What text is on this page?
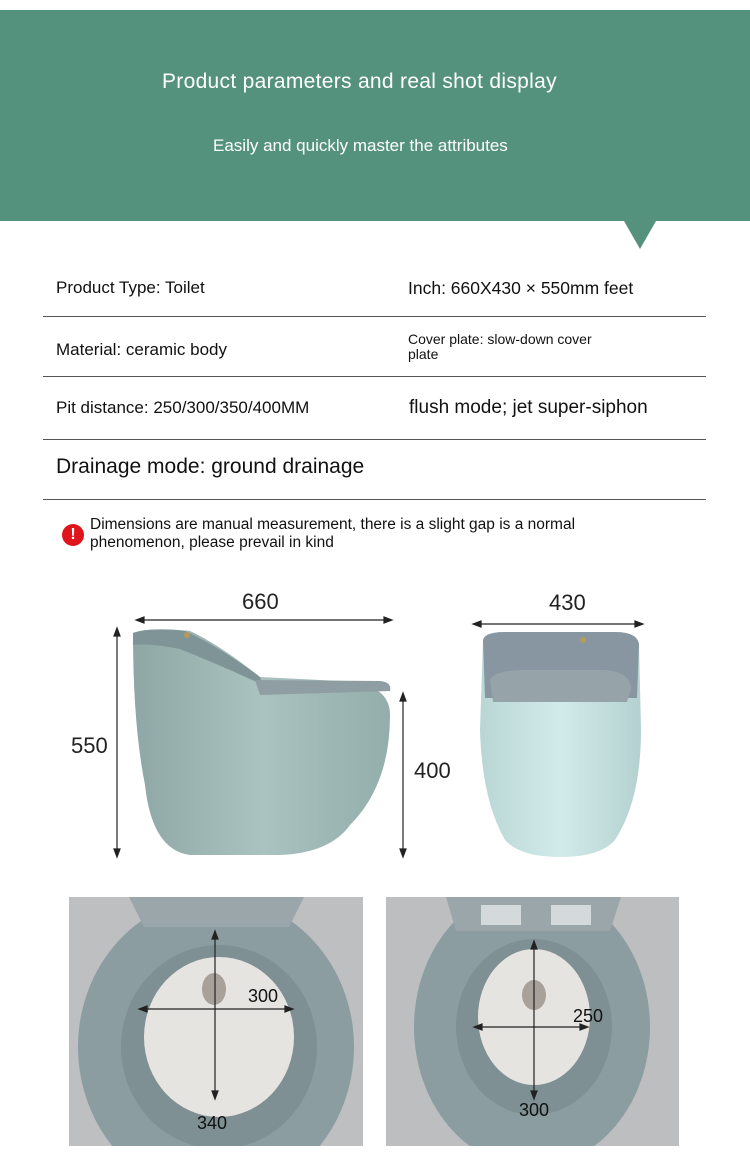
Product parameters and real shot display
Easily and quickly master the attributes
Product Type: Toilet	Inch: 660X430 × 550mm feet
Material: ceramic body
Cover plate: slow-down cover plate
Pit distance: 250/300/350/400MM	flush mode; jet super-siphon
Drainage mode: ground drainage
!
Dimensions are manual measurement, there is a slight gap is a normal phenomenon, please prevail in kind
660
550
400
430
300
340
250
300
